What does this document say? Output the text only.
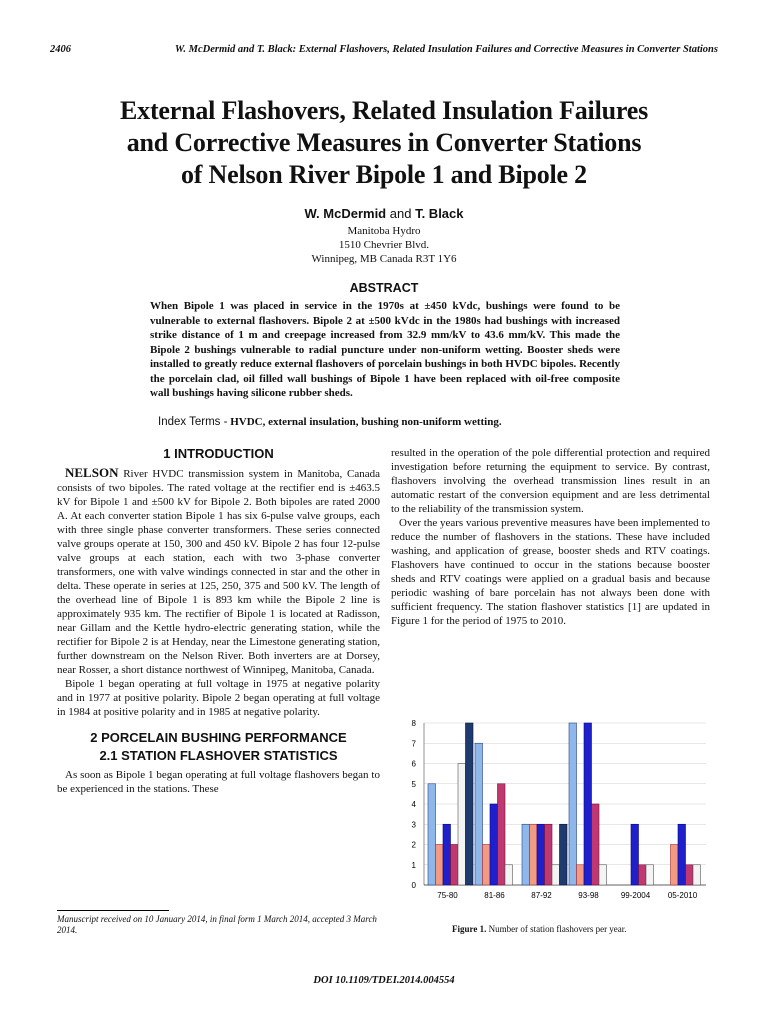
2406	W. McDermid and T. Black: External Flashovers, Related Insulation Failures and Corrective Measures in Converter Stations
External Flashovers, Related Insulation Failures
and Corrective Measures in Converter Stations
of Nelson River Bipole 1 and Bipole 2
W. McDermid and T. Black
Manitoba Hydro
1510 Chevrier Blvd.
Winnipeg, MB Canada R3T 1Y6
ABSTRACT
When Bipole 1 was placed in service in the 1970s at ±450 kVdc, bushings were found to be vulnerable to external flashovers. Bipole 2 at ±500 kVdc in the 1980s had bushings with increased strike distance of 1 m and creepage increased from 32.9 mm/kV to 43.6 mm/kV. This made the Bipole 2 bushings vulnerable to radial puncture under non-uniform wetting. Booster sheds were installed to greatly reduce external flashovers of porcelain bushings in both HVDC bipoles. Recently the porcelain clad, oil filled wall bushings of Bipole 1 have been replaced with oil-free composite wall bushings having silicone rubber sheds.
Index Terms - HVDC, external insulation, bushing non-uniform wetting.
1 INTRODUCTION

NELSON River HVDC transmission system in Manitoba, Canada consists of two bipoles. The rated voltage at the rectifier end is ±463.5 kV for Bipole 1 and ±500 kV for Bipole 2. Both bipoles are rated 2000 A. At each converter station Bipole 1 has six 6-pulse valve groups, each with three single phase converter transformers. These series connected valve groups operate at 150, 300 and 450 kV. Bipole 2 has four 12-pulse valve groups at each station, each with two 3-phase converter transformers, one with valve windings connected in star and the other in delta. These operate in series at 125, 250, 375 and 500 kV. The length of the overhead line of Bipole 1 is 893 km while the Bipole 2 line is approximately 935 km. The rectifier of Bipole 1 is located at Radisson, near Gillam and the Kettle hydro-electric generating station, while the rectifier for Bipole 2 is at Henday, near the Limestone generating station, further downstream on the Nelson River. Both inverters are at Dorsey, near Rosser, a short distance northwest of Winnipeg, Manitoba, Canada.

Bipole 1 began operating at full voltage in 1975 at negative polarity and in 1977 at positive polarity. Bipole 2 began operating at full voltage in 1984 at positive polarity and in 1985 at negative polarity.

2 PORCELAIN BUSHING PERFORMANCE
2.1 STATION FLASHOVER STATISTICS

As soon as Bipole 1 began operating at full voltage flashovers began to be experienced in the stations. These

resulted in the operation of the pole differential protection and required investigation before returning the equipment to service. By contrast, flashovers involving the overhead transmission lines result in an automatic restart of the conversion equipment and are less detrimental to the reliability of the transmission system.

Over the years various preventive measures have been implemented to reduce the number of flashovers in the stations. These have included washing, and application of grease, booster sheds and RTV coatings. Flashovers have continued to occur in the stations because booster sheds and RTV coatings were applied on a gradual basis and because periodic washing of bare porcelain has not always been done with sufficient frequency. The station flashover statistics [1] are updated in Figure 1 for the period of 1975 to 2010.

0
1
2
3
4
5
6
7
8
75-80	81-86	87-92	93-98	99-2004 05-2010
Figure 1. Number of station flashovers per year.
Manuscript received on 10 January 2014, in final form 1 March 2014, accepted 3 March 2014.
DOI 10.1109/TDEI.2014.004554
